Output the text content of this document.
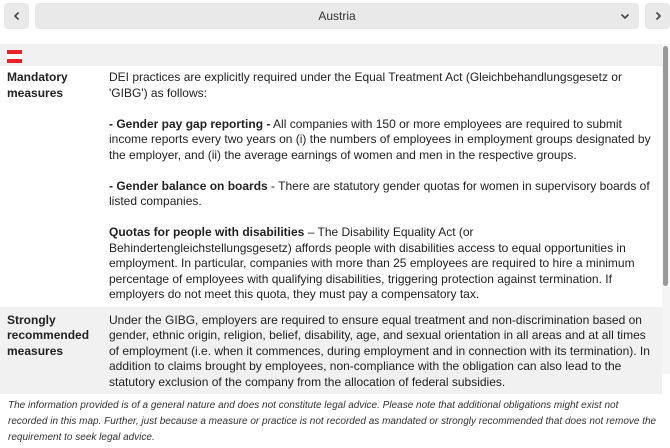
Austria
Mandatory measures	DEI practices are explicitly required under the Equal Treatment Act (Gleichbehandlungsgesetz or 'GIBG') as follows:
- Gender pay gap reporting - All companies with 150 or more employees are required to submit income reports every two years on (i) the numbers of employees in employment groups designated by the employer, and (ii) the average earnings of women and men in the respective groups.
- Gender balance on boards - There are statutory gender quotas for women in supervisory boards of listed companies.
Quotas for people with disabilities – The Disability Equality Act (or Behindertengleichstellungsgesetz) affords people with disabilities access to equal opportunities in employment. In particular, companies with more than 25 employees are required to hire a minimum percentage of employees with qualifying disabilities, triggering protection against termination. If employers do not meet this quota, they must pay a compensatory tax.

Strongly recommended measures	Under the GIBG, employers are required to ensure equal treatment and non-discrimination based on gender, ethnic origin, religion, belief, disability, age, and sexual orientation in all areas and at all times of employment (i.e. when it commences, during employment and in connection with its termination). In addition to claims brought by employees, non-compliance with the obligation can also lead to the statutory exclusion of the company from the allocation of federal subsidies.

The information provided is of a general nature and does not constitute legal advice. Please note that additional obligations might exist not recorded in this map. Further, just because a measure or practice is not recorded as mandated or strongly recommended that does not remove the requirement to seek legal advice.
